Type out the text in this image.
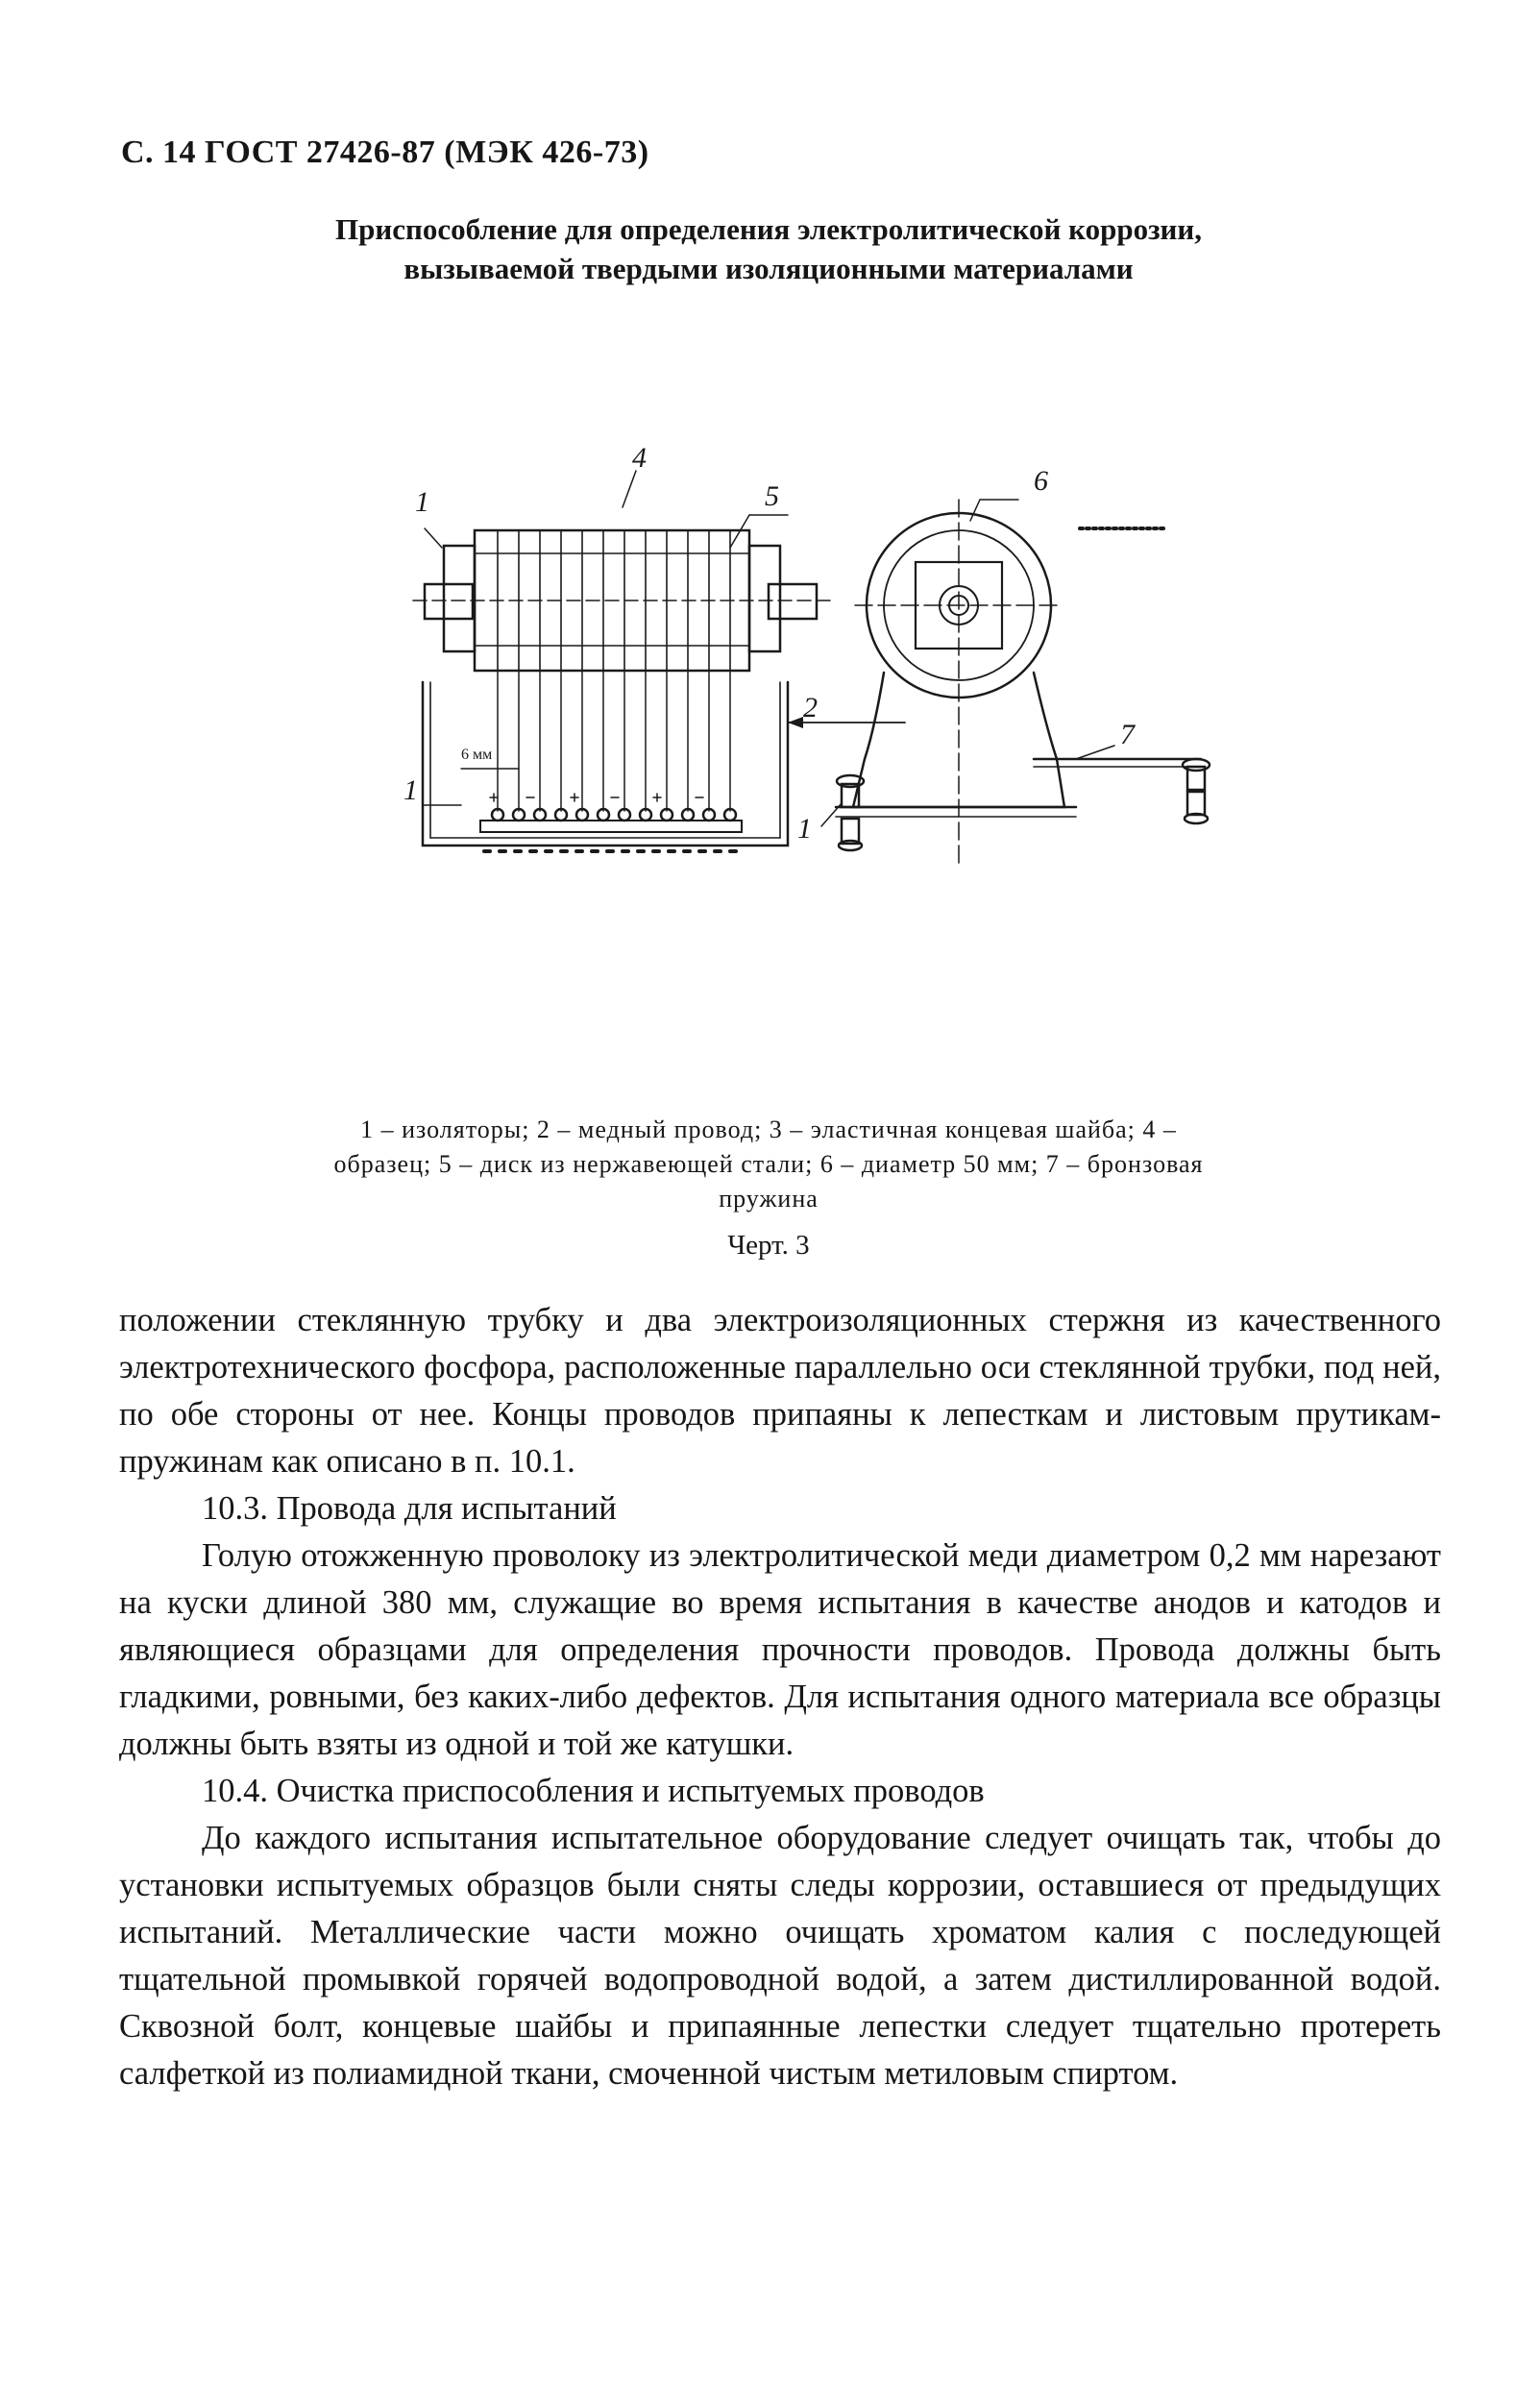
С. 14 ГОСТ 27426-87 (МЭК 426-73)
Приспособление для определения электролитической коррозии, вызываемой твердыми изоляционными материалами
1
4
5	6
2
1
1
7
6 мм
1 – изоляторы; 2 – медный провод; 3 – эластичная концевая шайба; 4 – образец; 5 – диск из нержавеющей стали; 6 – диаметр 50 мм; 7 – бронзовая пружина
Черт. 3

положении стеклянную трубку и два электроизоляционных стержня из качественного электротехнического фосфора, расположенные параллельно оси стеклянной трубки, под ней, по обе стороны от нее. Концы проводов припаяны к лепесткам и листовым прутикам-пружинам как описано в п. 10.1.

10.3. Провода для испытаний

Голую отожженную проволоку из электролитической меди диаметром 0,2 мм нарезают на куски длиной 380 мм, служащие во время испытания в качестве анодов и катодов и являющиеся образцами для определения прочности проводов. Провода должны быть гладкими, ровными, без каких-либо дефектов. Для испытания одного материала все образцы должны быть взяты из одной и той же катушки.

10.4. Очистка приспособления и испытуемых проводов

До каждого испытания испытательное оборудование следует очищать так, чтобы до установки испытуемых образцов были сняты следы коррозии, оставшиеся от предыдущих испытаний. Металлические части можно очищать хроматом калия с последующей тщательной промывкой горячей водопроводной водой, а затем дистиллированной водой. Сквозной болт, концевые шайбы и припаянные лепестки следует тщательно протереть салфеткой из полиамидной ткани, смоченной чистым метиловым спиртом.
